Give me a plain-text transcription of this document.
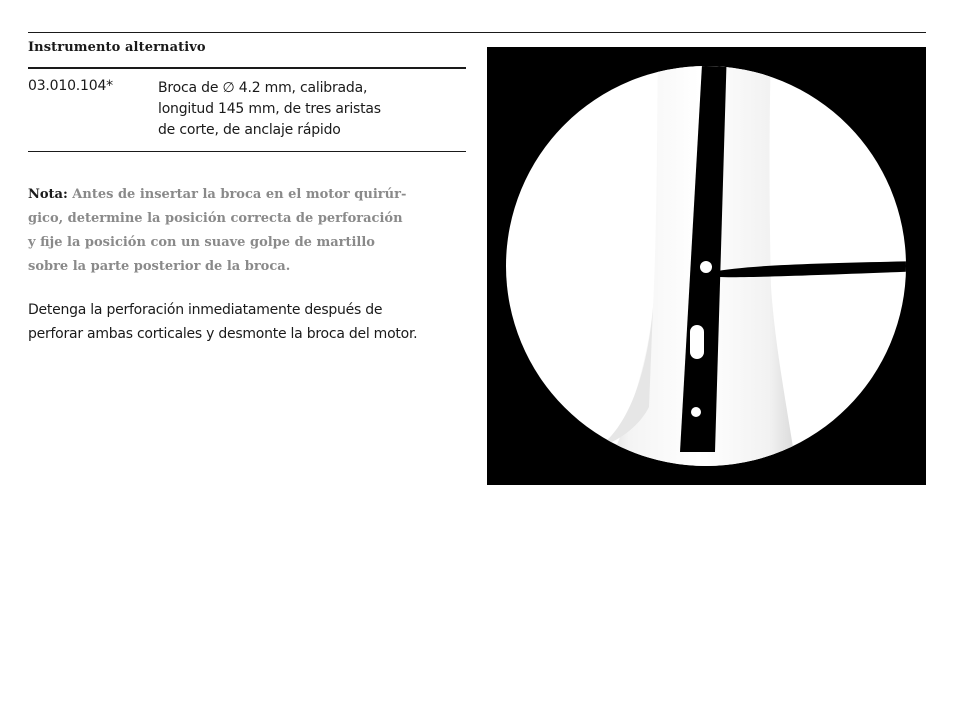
Instrumento alternativo
03.010.104*	Broca de ∅ 4.2 mm, calibrada,
longitud 145 mm, de tres aristas
de corte, de anclaje rápido
Nota: Antes de insertar la broca en el motor quirúr-
gico, determine la posición correcta de perforación
y fije la posición con un suave golpe de martillo
sobre la parte posterior de la broca.
Detenga la perforación inmediatamente después de
perforar ambas corticales y desmonte la broca del motor.
